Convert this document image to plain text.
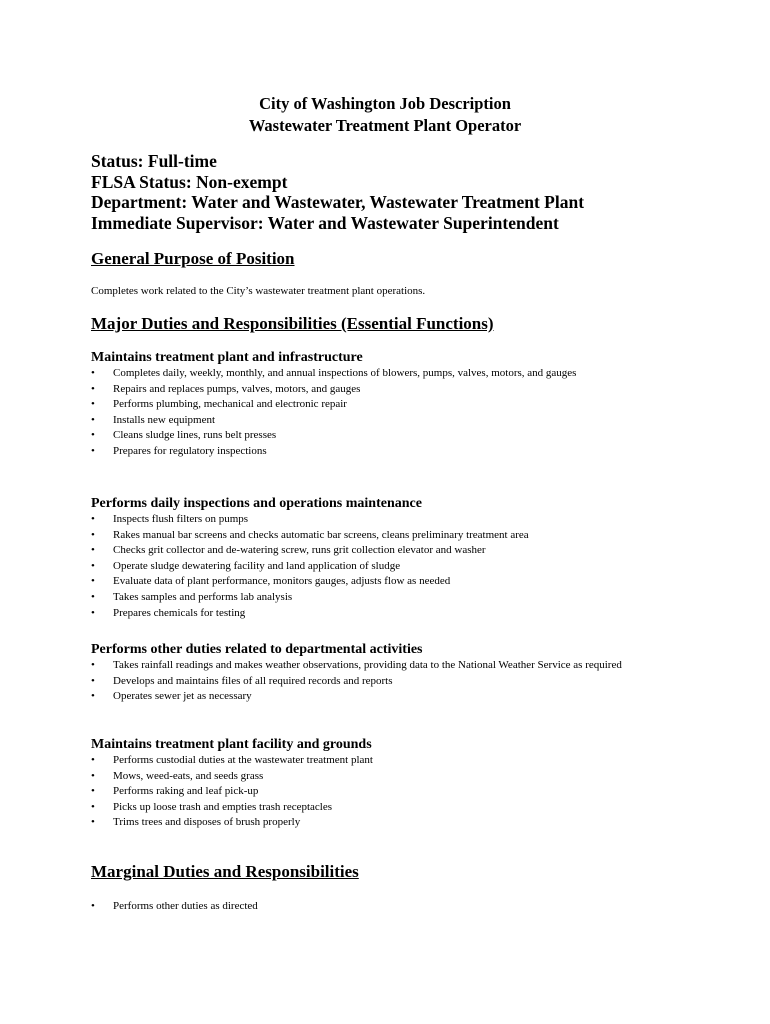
City of Washington Job Description
Wastewater Treatment Plant Operator
Status: Full-time
FLSA Status: Non-exempt
Department: Water and Wastewater, Wastewater Treatment Plant
Immediate Supervisor: Water and Wastewater Superintendent
General Purpose of Position
Completes work related to the City’s wastewater treatment plant operations.
Major Duties and Responsibilities (Essential Functions)
Maintains treatment plant and infrastructure
• Completes daily, weekly, monthly, and annual inspections of blowers, pumps, valves, motors, and gauges
• Repairs and replaces pumps, valves, motors, and gauges
• Performs plumbing, mechanical and electronic repair
• Installs new equipment
• Cleans sludge lines, runs belt presses
• Prepares for regulatory inspections
Performs daily inspections and operations maintenance
• Inspects flush filters on pumps
• Rakes manual bar screens and checks automatic bar screens, cleans preliminary treatment area
• Checks grit collector and de-watering screw, runs grit collection elevator and washer
• Operate sludge dewatering facility and land application of sludge
• Evaluate data of plant performance, monitors gauges, adjusts flow as needed
• Takes samples and performs lab analysis
• Prepares chemicals for testing
Performs other duties related to departmental activities
• Takes rainfall readings and makes weather observations, providing data to the National Weather Service as required
• Develops and maintains files of all required records and reports
• Operates sewer jet as necessary
Maintains treatment plant facility and grounds
• Performs custodial duties at the wastewater treatment plant
• Mows, weed-eats, and seeds grass
• Performs raking and leaf pick-up
• Picks up loose trash and empties trash receptacles
• Trims trees and disposes of brush properly
Marginal Duties and Responsibilities
• Performs other duties as directed
